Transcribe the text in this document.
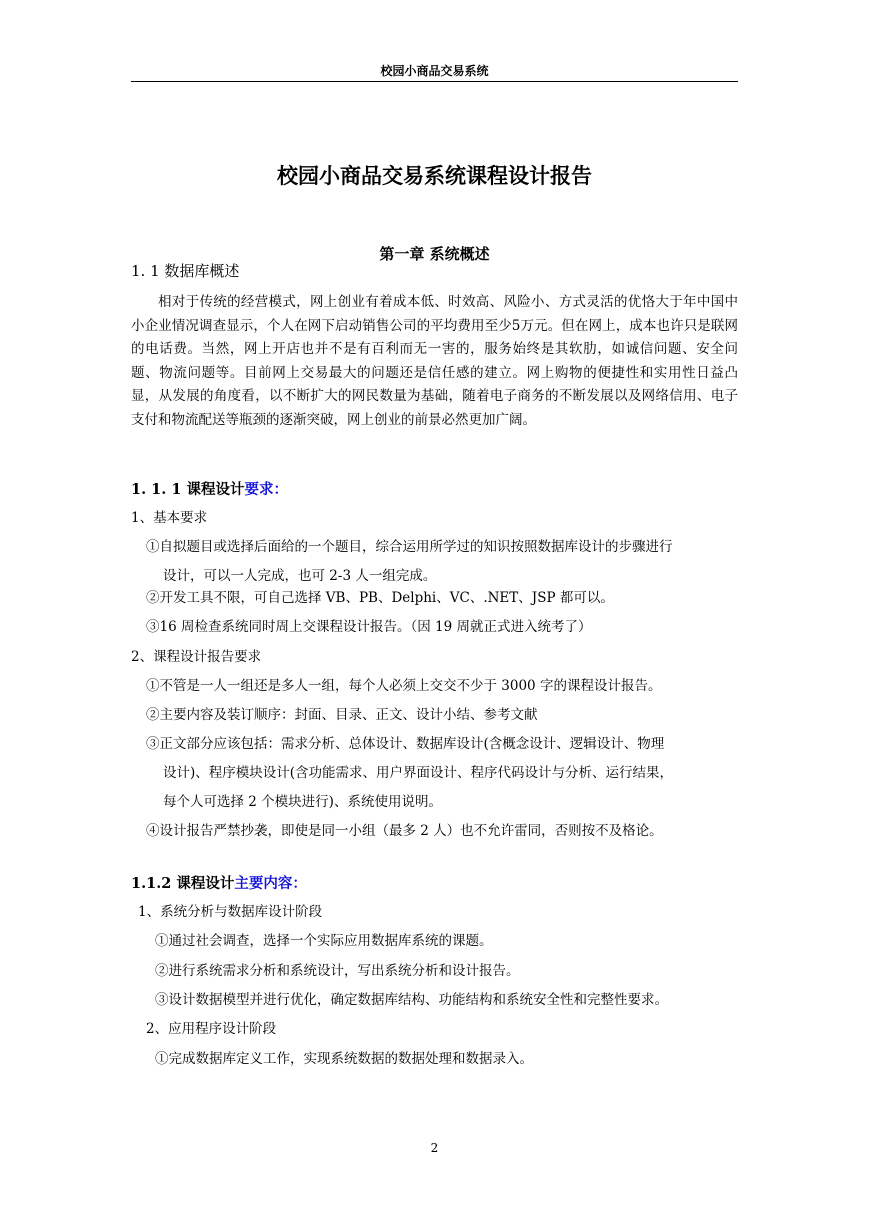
校园小商品交易系统
校园小商品交易系统课程设计报告
第一章 系统概述
1. 1 数据库概述
相对于传统的经营模式，网上创业有着成本低、时效高、风险小、方式灵活的优恪大于年中国中小企业情况调查显示，个人在网下启动销售公司的平均费用至少5万元。但在网上，成本也许只是联网的电话费。当然，网上开店也并不是有百利而无一害的，服务始终是其软肋，如诚信问题、安全问题、物流问题等。目前网上交易最大的问题还是信任感的建立。网上购物的便捷性和实用性日益凸显，从发展的角度看，以不断扩大的网民数量为基础，随着电子商务的不断发展以及网络信用、电子支付和物流配送等瓶颈的逐渐突破，网上创业的前景必然更加广阔。
1. 1. 1 课程设计要求：
1、基本要求
①自拟题目或选择后面给的一个题目，综合运用所学过的知识按照数据库设计的步骤进行
设计，可以一人完成，也可 2-3 人一组完成。
②开发工具不限，可自己选择 VB、PB、Delphi、VC、.NET、JSP 都可以。
③16 周检查系统同时周上交课程设计报告。（因 19 周就正式进入统考了）
2、课程设计报告要求
①不管是一人一组还是多人一组，每个人必须上交交不少于 3000 字的课程设计报告。
②主要内容及装订顺序：封面、目录、正文、设计小结、参考文献
③正文部分应该包括：需求分析、总体设计、数据库设计(含概念设计、逻辑设计、物理
设计)、程序模块设计(含功能需求、用户界面设计、程序代码设计与分析、运行结果，
每个人可选择 2 个模块进行)、系统使用说明。
④设计报告严禁抄袭，即使是同一小组（最多 2 人）也不允许雷同，否则按不及格论。
1.1.2 课程设计主要内容：
1、系统分析与数据库设计阶段
①通过社会调查，选择一个实际应用数据库系统的课题。
②进行系统需求分析和系统设计，写出系统分析和设计报告。
③设计数据模型并进行优化，确定数据库结构、功能结构和系统安全性和完整性要求。
2、应用程序设计阶段
①完成数据库定义工作，实现系统数据的数据处理和数据录入。
2
